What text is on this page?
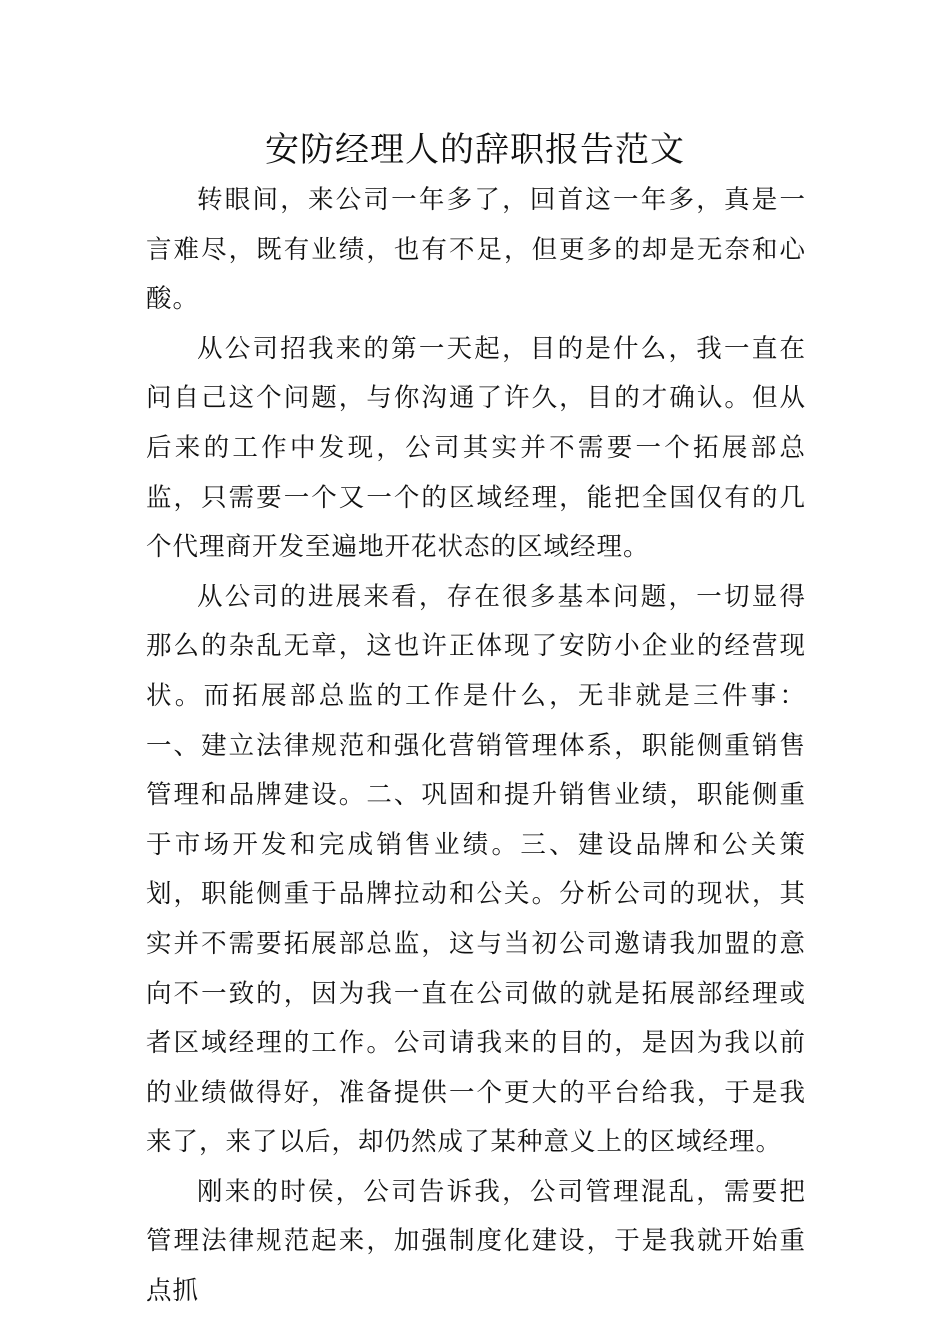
安防经理人的辞职报告范文

转眼间，来公司一年多了，回首这一年多，真是一言难尽，既有业绩，也有不足，但更多的却是无奈和心酸。

从公司招我来的第一天起，目的是什么，我一直在问自己这个问题，与你沟通了许久，目的才确认。但从后来的工作中发现，公司其实并不需要一个拓展部总监，只需要一个又一个的区域经理，能把全国仅有的几个代理商开发至遍地开花状态的区域经理。

从公司的进展来看，存在很多基本问题，一切显得那么的杂乱无章，这也许正体现了安防小企业的经营现状。而拓展部总监的工作是什么，无非就是三件事：一、建立法律规范和强化营销管理体系，职能侧重销售管理和品牌建设。二、巩固和提升销售业绩，职能侧重于市场开发和完成销售业绩。三、建设品牌和公关策划，职能侧重于品牌拉动和公关。分析公司的现状，其实并不需要拓展部总监，这与当初公司邀请我加盟的意向不一致的，因为我一直在公司做的就是拓展部经理或者区域经理的工作。公司请我来的目的，是因为我以前的业绩做得好，准备提供一个更大的平台给我，于是我来了，来了以后，却仍然成了某种意义上的区域经理。

刚来的时侯，公司告诉我，公司管理混乱，需要把管理法律规范起来，加强制度化建设，于是我就开始重点抓
